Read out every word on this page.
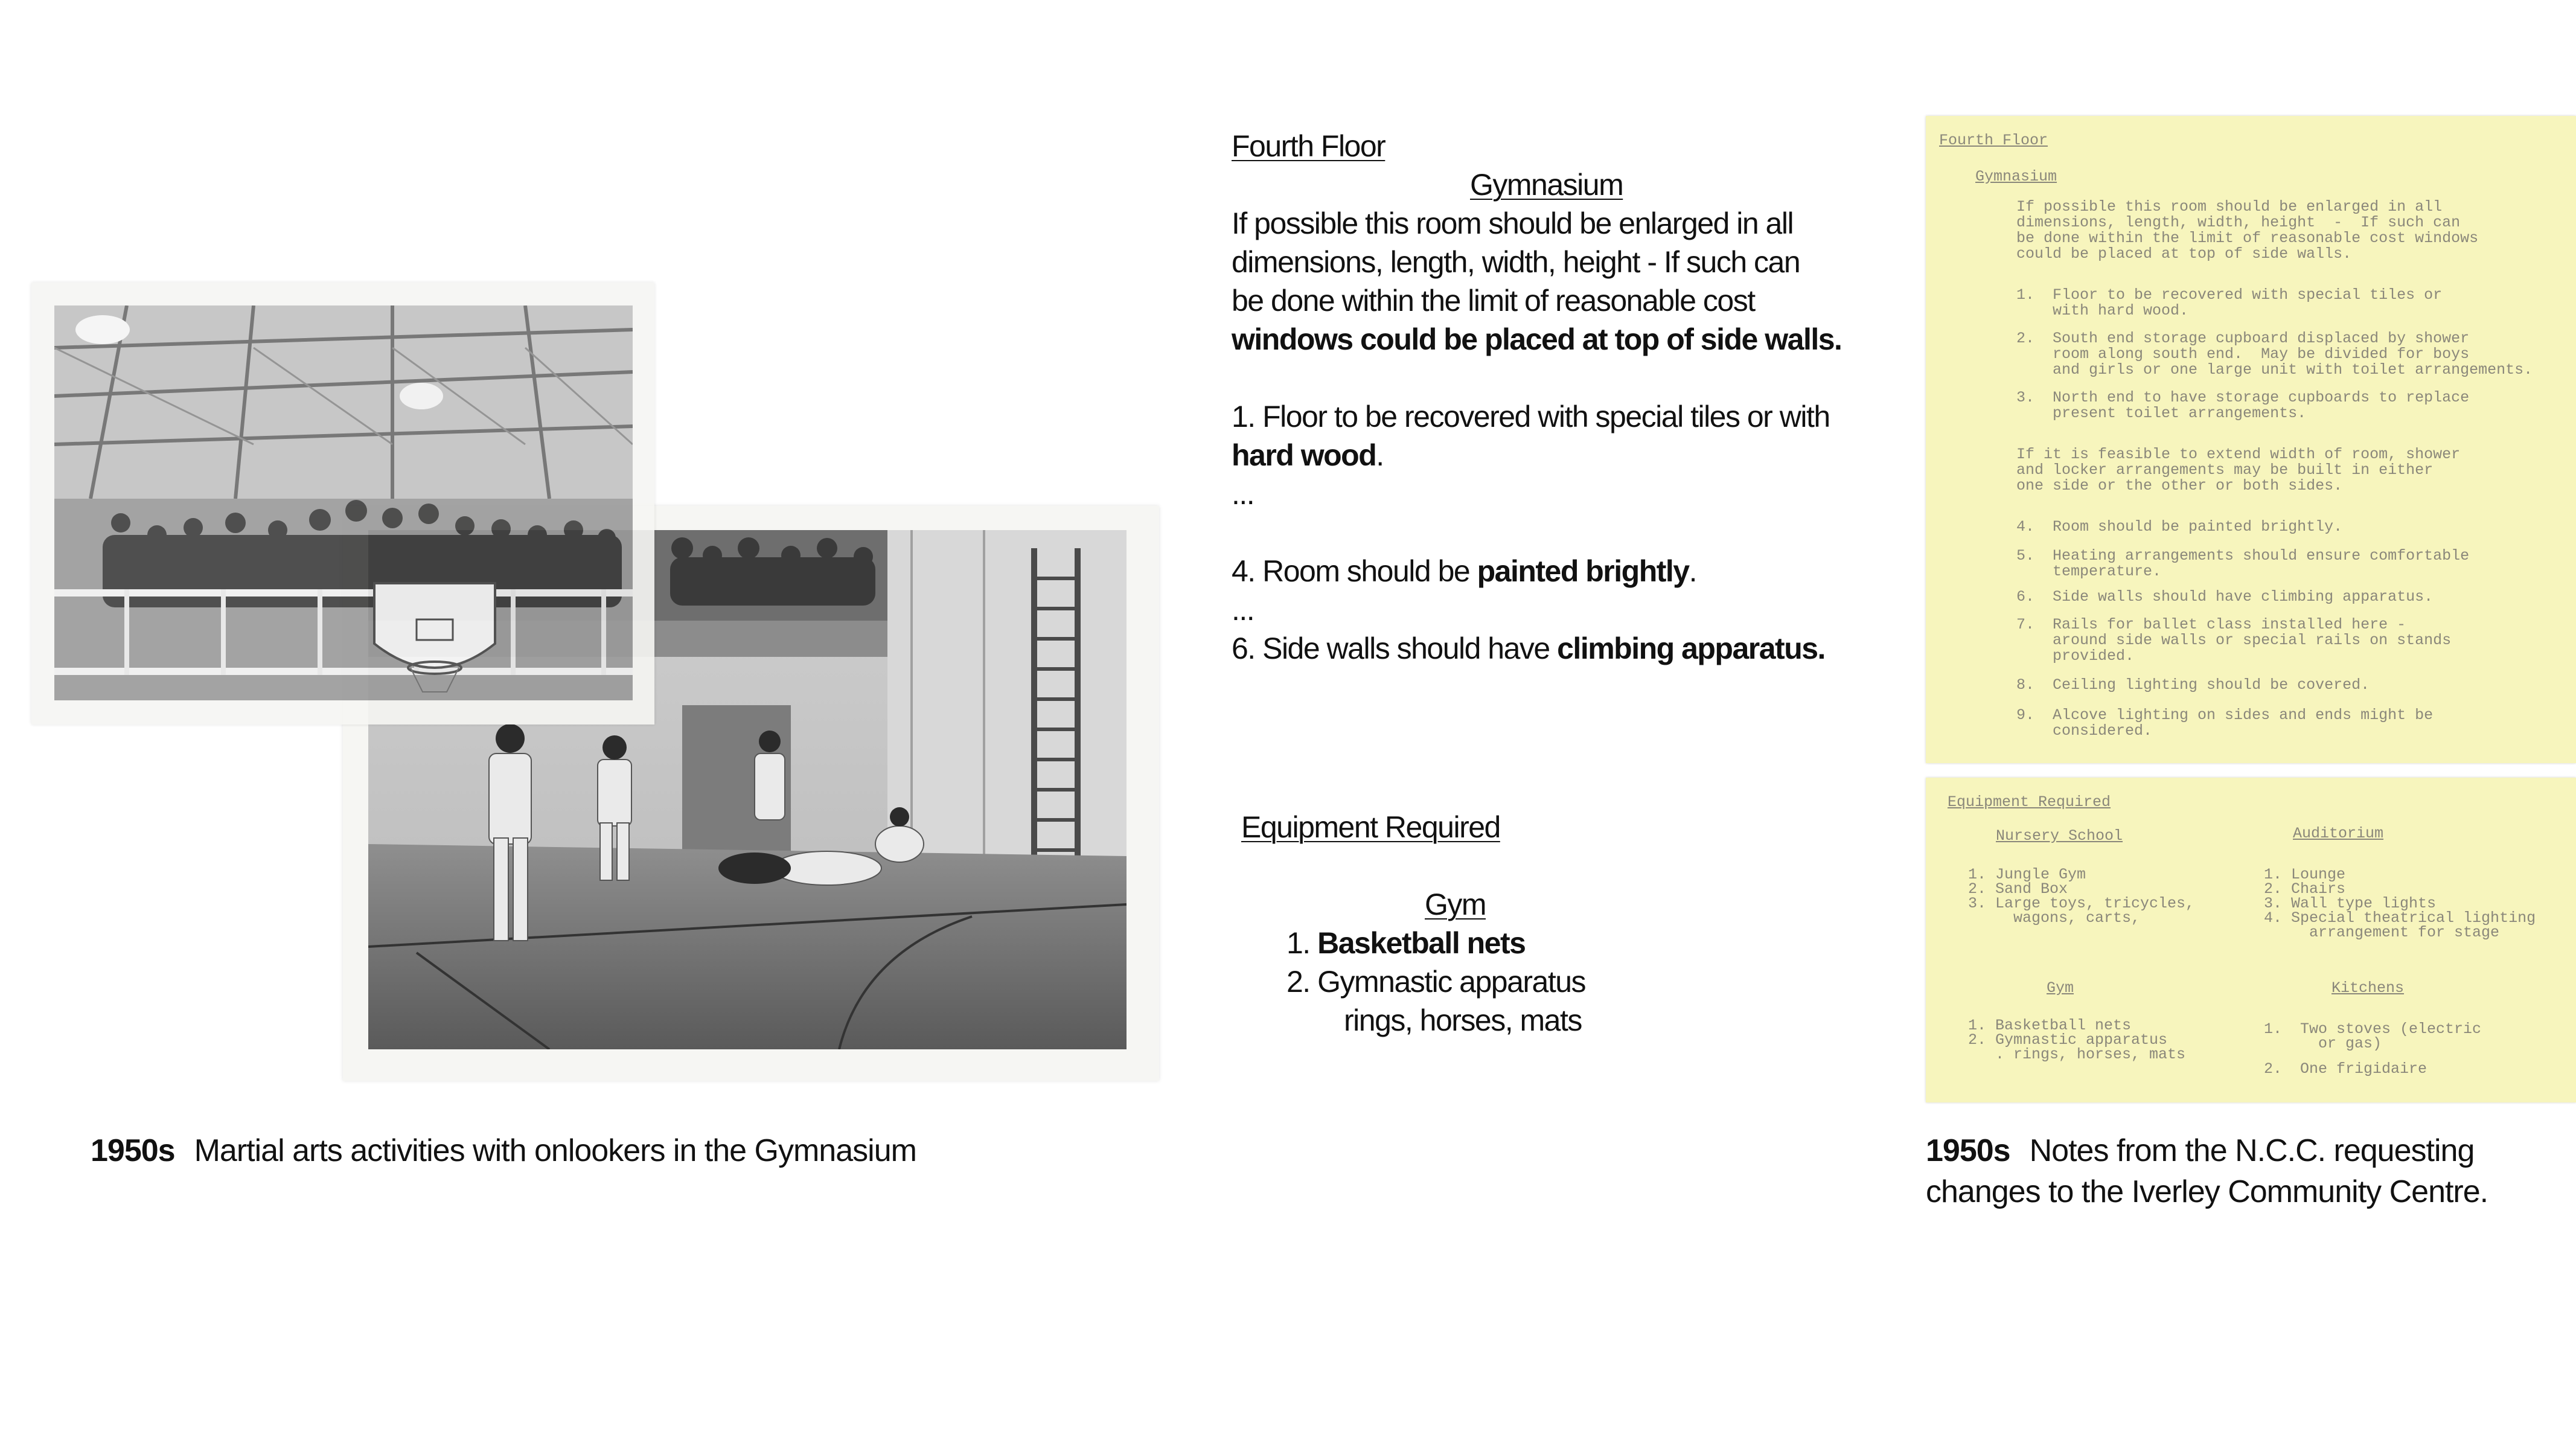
1950s Martial arts activities with onlookers in the Gymnasium

Fourth Floor

Gymnasium

If possible this room should be enlarged in all

dimensions, length, width, height - If such can

be done within the limit of reasonable cost

windows could be placed at top of side walls.

1. Floor to be recovered with special tiles or with

hard wood.

...

4. Room should be painted brightly.

...

6. Side walls should have climbing apparatus.

Equipment Required

Gym

1. Basketball nets

2. Gymnastic apparatus

rings, horses, mats

Fourth Floor
Gymnasium
If possible this room should be enlarged in all
dimensions, length, width, height  -  If such can
be done within the limit of reasonable cost windows
could be placed at top of side walls.
1.  Floor to be recovered with special tiles or
with hard wood.
2.  South end storage cupboard displaced by shower
room along south end.  May be divided for boys
and girls or one large unit with toilet arrangements.
3.  North end to have storage cupboards to replace
present toilet arrangements.
If it is feasible to extend width of room, shower
and locker arrangements may be built in either
one side or the other or both sides.
4.  Room should be painted brightly.
5.  Heating arrangements should ensure comfortable
temperature.
6.  Side walls should have climbing apparatus.
7.  Rails for ballet class installed here -
around side walls or special rails on stands
provided.
8.  Ceiling lighting should be covered.
9.  Alcove lighting on sides and ends might be
considered.
Equipment Required
Nursery School	Auditorium
1. Jungle Gym
2. Sand Box
3. Large toys, tricycles,
wagons, carts,
1. Lounge
2. Chairs
3. Wall type lights
4. Special theatrical lighting
arrangement for stage
Gym	Kitchens
1. Basketball nets
2. Gymnastic apparatus
. rings, horses, mats
1.  Two stoves (electric
or gas)
2.  One frigidaire
1950s Notes from the N.C.C. requesting changes to the Iverley Community Centre.
